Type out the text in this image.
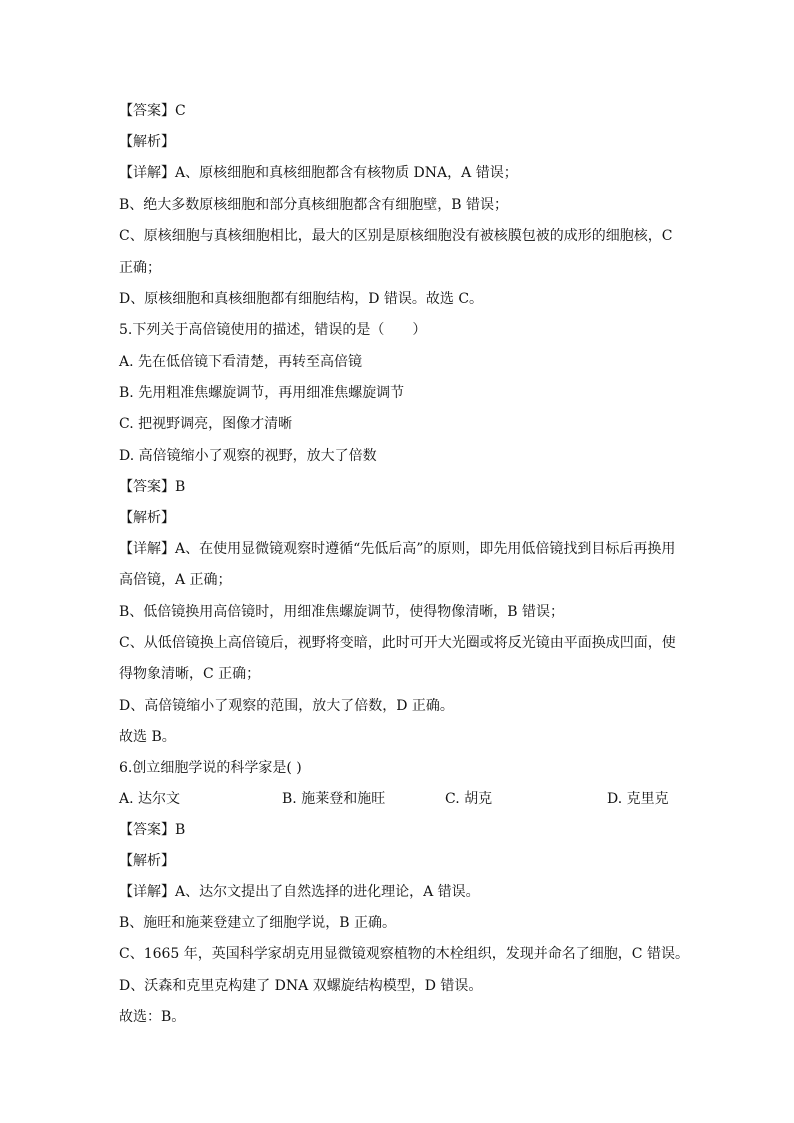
【答案】C
【解析】
【详解】A、原核细胞和真核细胞都含有核物质 DNA，A 错误；
B、绝大多数原核细胞和部分真核细胞都含有细胞壁，B 错误；
C、原核细胞与真核细胞相比，最大的区别是原核细胞没有被核膜包被的成形的细胞核，C
正确；
D、原核细胞和真核细胞都有细胞结构，D 错误。故选 C。
5.下列关于高倍镜使用的描述，错误的是（　　）
A. 先在低倍镜下看清楚，再转至高倍镜
B. 先用粗准焦螺旋调节，再用细准焦螺旋调节
C. 把视野调亮，图像才清晰
D. 高倍镜缩小了观察的视野，放大了倍数
【答案】B
【解析】
【详解】A、在使用显微镜观察时遵循“先低后高”的原则，即先用低倍镜找到目标后再换用
高倍镜，A 正确；
B、低倍镜换用高倍镜时，用细准焦螺旋调节，使得物像清晰，B 错误；
C、从低倍镜换上高倍镜后，视野将变暗，此时可开大光圈或将反光镜由平面换成凹面，使
得物象清晰，C 正确；
D、高倍镜缩小了观察的范围，放大了倍数，D 正确。
故选 B。
6.创立细胞学说的科学家是( )
A. 达尔文	B. 施莱登和施旺	C. 胡克	D. 克里克
【答案】B
【解析】
【详解】A、达尔文提出了自然选择的进化理论，A 错误。
B、施旺和施莱登建立了细胞学说，B 正确。
C、1665 年，英国科学家胡克用显微镜观察植物的木栓组织，发现并命名了细胞，C 错误。
D、沃森和克里克构建了 DNA 双螺旋结构模型，D 错误。
故选：B。
